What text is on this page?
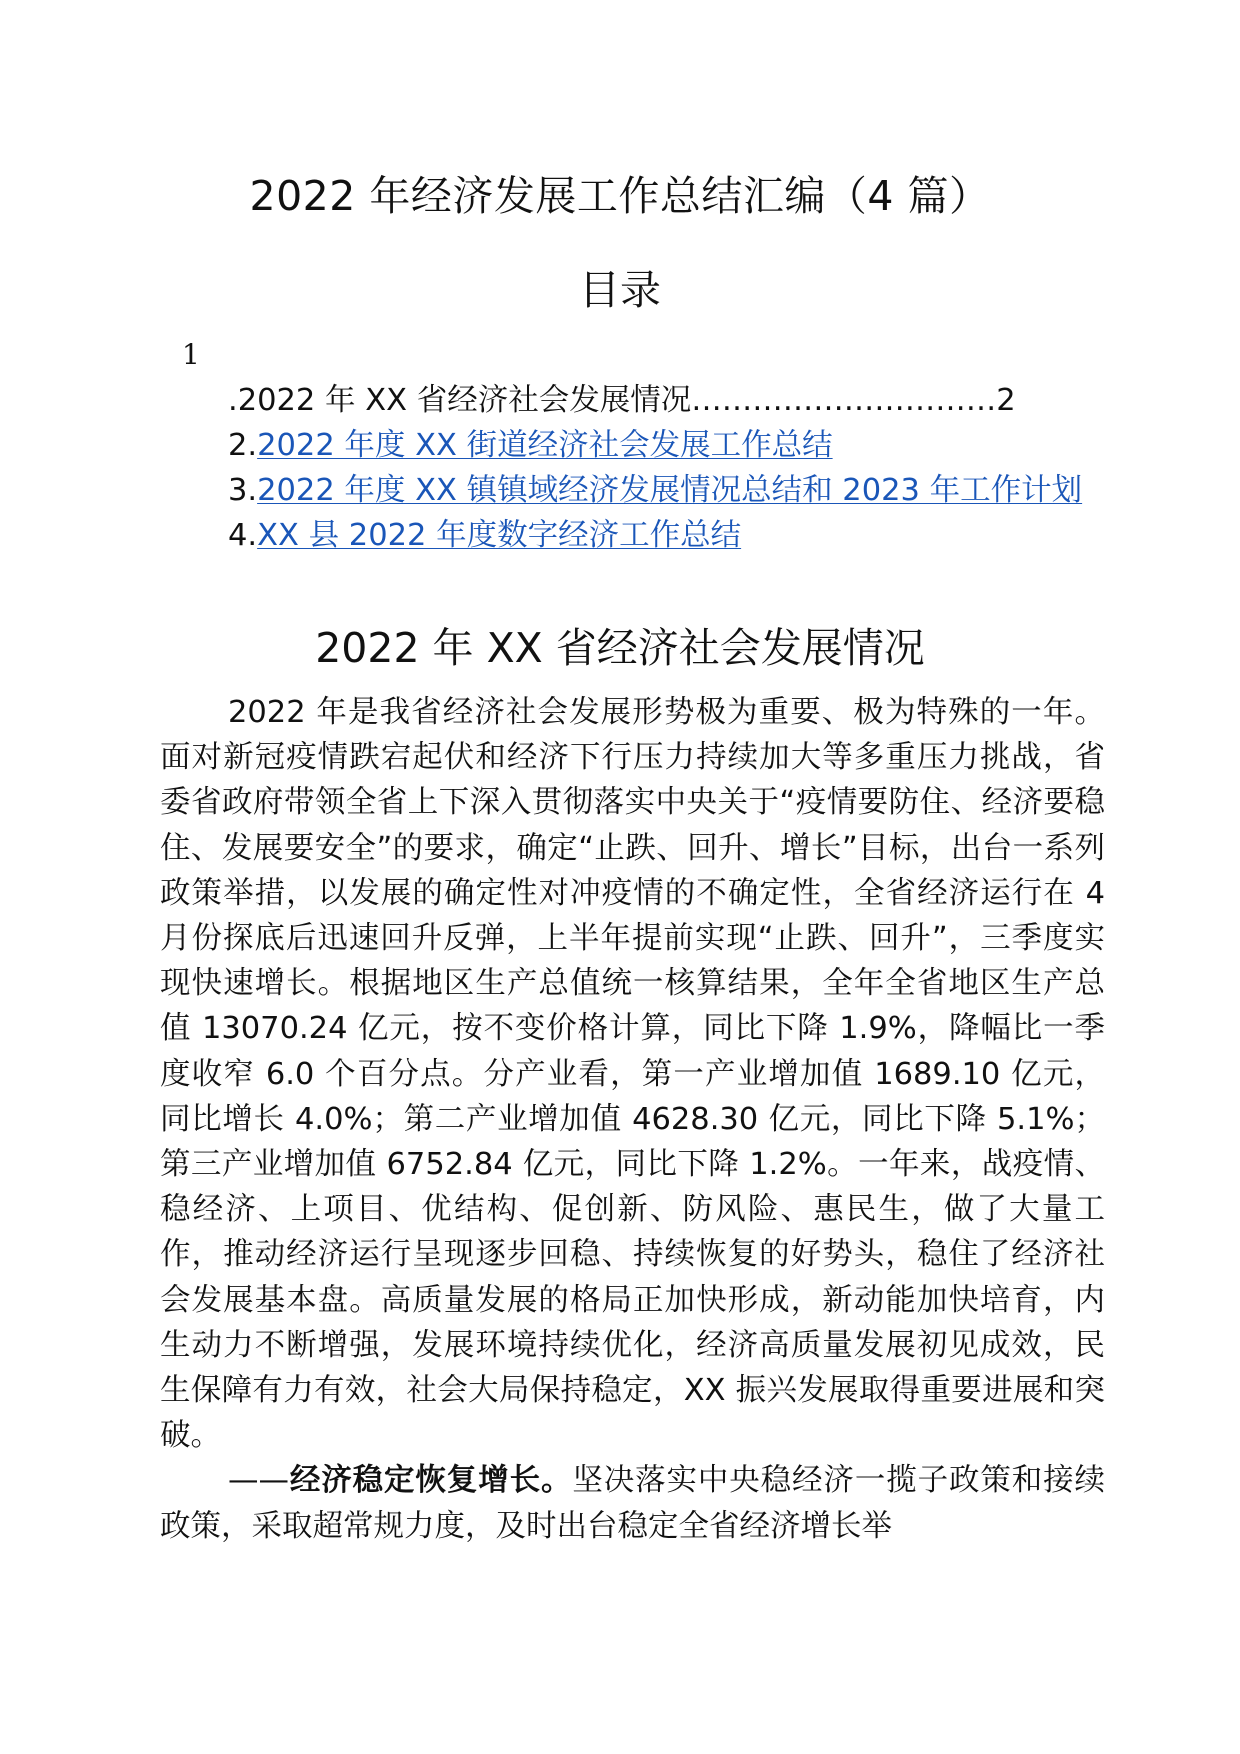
2022 年经济发展工作总结汇编（4 篇）
目录
1
.2022 年 XX 省经济社会发展情况…………………………2
2.2022 年度 XX 街道经济社会发展工作总结
3.2022 年度 XX 镇镇域经济发展情况总结和 2023 年工作计划
4.XX 县 2022 年度数字经济工作总结
2022 年 XX 省经济社会发展情况

2022 年是我省经济社会发展形势极为重要、极为特殊的一年。面对新冠疫情跌宕起伏和经济下行压力持续加大等多重压力挑战，省委省政府带领全省上下深入贯彻落实中央关于“疫情要防住、经济要稳住、发展要安全”的要求，确定“止跌、回升、增长”目标，出台一系列政策举措，以发展的确定性对冲疫情的不确定性，全省经济运行在 4 月份探底后迅速回升反弹，上半年提前实现“止跌、回升”，三季度实现快速增长。根据地区生产总值统一核算结果，全年全省地区生产总值 13070.24 亿元，按不变价格计算，同比下降 1.9%，降幅比一季度收窄 6.0 个百分点。分产业看，第一产业增加值 1689.10 亿元，同比增长 4.0%；第二产业增加值 4628.30 亿元，同比下降 5.1%；第三产业增加值 6752.84 亿元，同比下降 1.2%。一年来，战疫情、稳经济、上项目、优结构、促创新、防风险、惠民生，做了大量工作，推动经济运行呈现逐步回稳、持续恢复的好势头，稳住了经济社会发展基本盘。高质量发展的格局正加快形成，新动能加快培育，内生动力不断增强，发展环境持续优化，经济高质量发展初见成效，民生保障有力有效，社会大局保持稳定，XX 振兴发展取得重要进展和突破。

——经济稳定恢复增长。坚决落实中央稳经济一揽子政策和接续政策，采取超常规力度，及时出台稳定全省经济增长举
